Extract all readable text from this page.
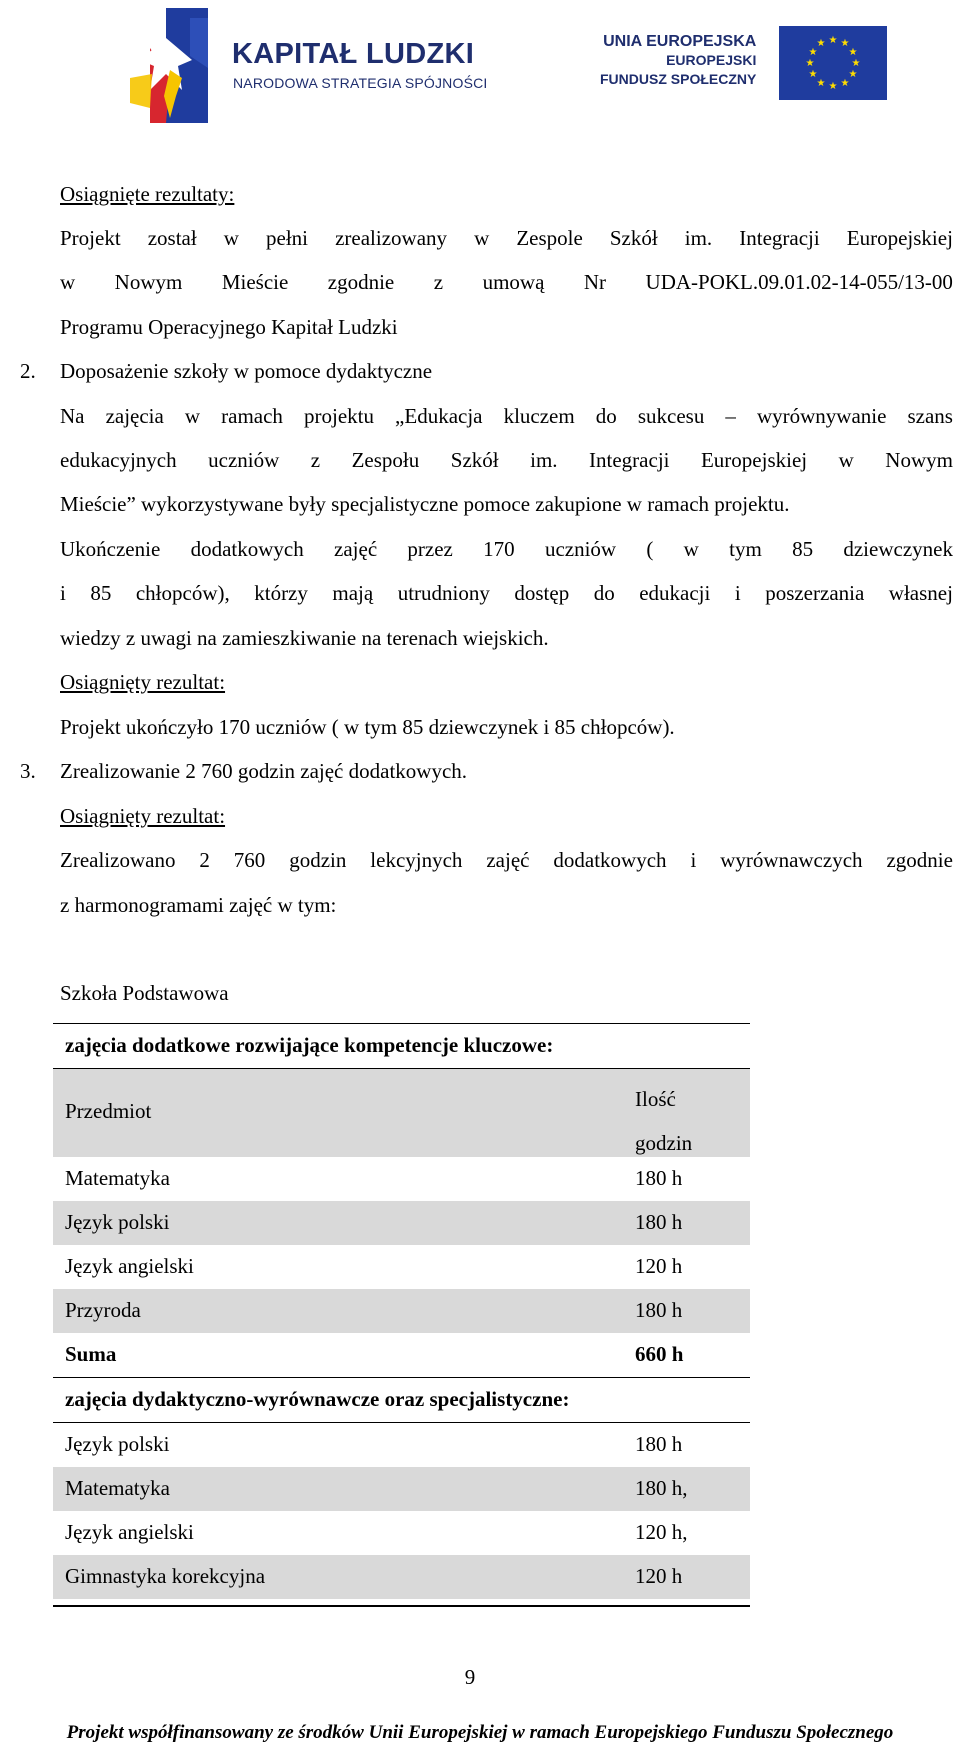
KAPITAŁ LUDZKI
NARODOWA STRATEGIA SPÓJNOŚCI
UNIA EUROPEJSKA
EUROPEJSKI
FUNDUSZ SPOŁECZNY
★ ★
★
★
★
★
★
★
★
★
★
★
Osiągnięte rezultaty:
Projekt został w pełni zrealizowany w Zespole Szkół im. Integracji Europejskiej
w Nowym Mieście zgodnie z umową Nr UDA-POKL.09.01.02-14-055/13-00
Programu Operacyjnego Kapitał Ludzki
2. Doposażenie szkoły w pomoce dydaktyczne
Na zajęcia w ramach projektu „Edukacja kluczem do sukcesu – wyrównywanie szans
edukacyjnych uczniów z Zespołu Szkół im. Integracji Europejskiej w Nowym
Mieście” wykorzystywane były specjalistyczne pomoce zakupione w ramach projektu.
Ukończenie dodatkowych zajęć przez 170 uczniów ( w tym 85 dziewczynek
i 85 chłopców), którzy mają utrudniony dostęp do edukacji i poszerzania własnej
wiedzy z uwagi na zamieszkiwanie na terenach wiejskich.
Osiągnięty rezultat:
Projekt ukończyło 170 uczniów ( w tym 85 dziewczynek i 85 chłopców).
3. Zrealizowanie 2 760 godzin zajęć dodatkowych.
Osiągnięty rezultat:
Zrealizowano 2 760 godzin lekcyjnych zajęć dodatkowych i wyrównawczych zgodnie
z harmonogramami zajęć w tym:
Szkoła Podstawowa
zajęcia dodatkowe rozwijające kompetencje kluczowe:
Przedmiot	Ilość
godzin
Matematyka	180 h
Język polski	180 h
Język angielski	120 h
Przyroda	180 h
Suma	660 h
zajęcia dydaktyczno-wyrównawcze oraz specjalistyczne:
Język polski	180 h
Matematyka	180 h,
Język angielski	120 h,
Gimnastyka korekcyjna	120 h
9
Projekt współfinansowany ze środków Unii Europejskiej w ramach Europejskiego Funduszu Społecznego
